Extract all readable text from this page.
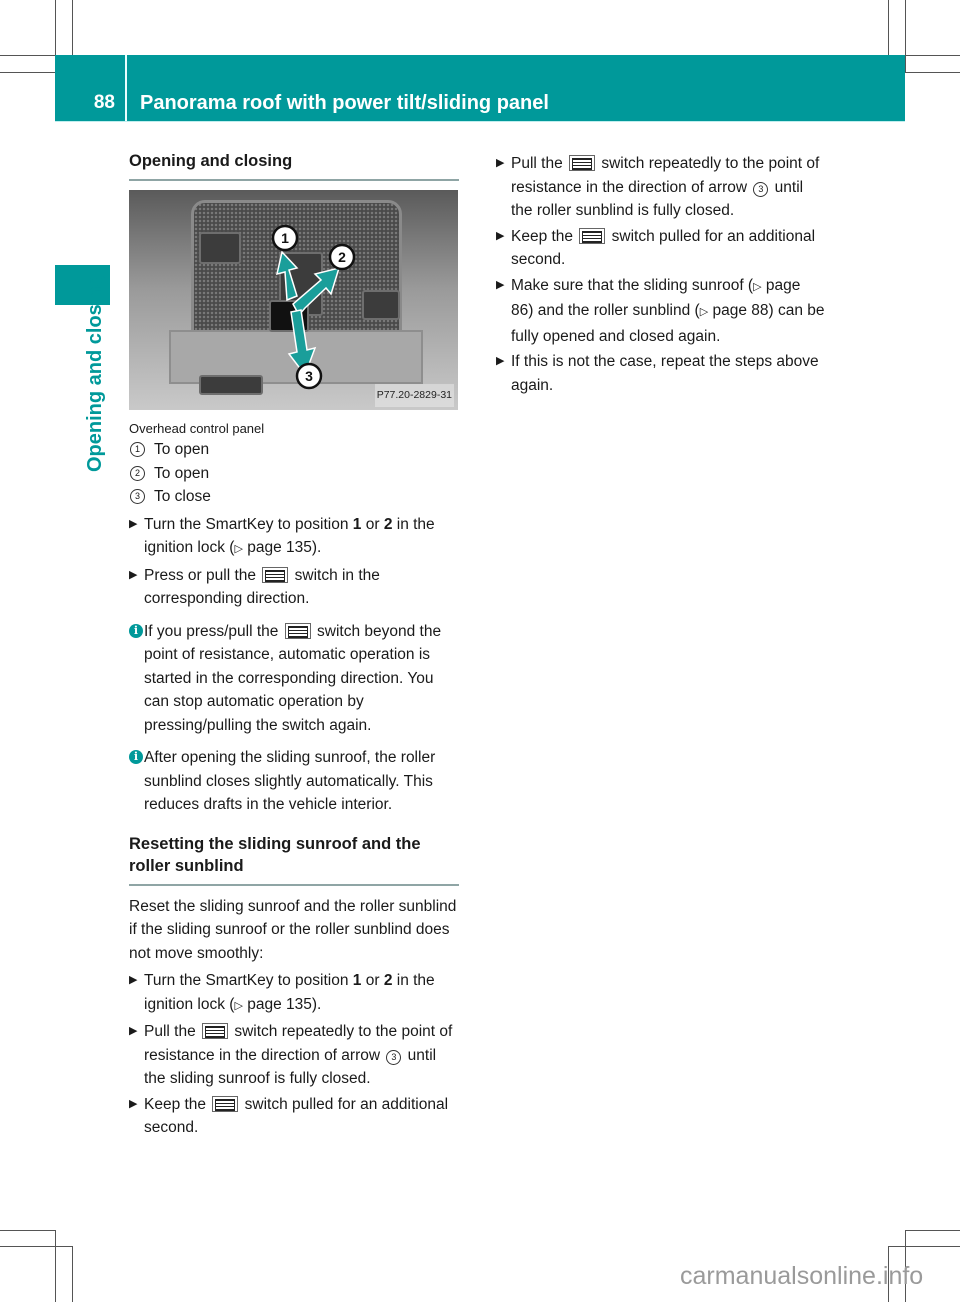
88	Panorama roof with power tilt/sliding panel
Opening and closing
Opening and closing
1
2
3
P77.20-2829-31
Overhead control panel
1 To open
2 To open
3 To close
▶ Turn the SmartKey to position 1 or 2 in the ignition lock (▷ page 135).
▶ Press or pull the
switch in the corresponding direction.
i If you press/pull the
switch beyond the point of resistance, automatic operation is started in the corresponding direction. You can stop automatic operation by pressing/pulling the switch again.
i After opening the sliding sunroof, the roller sunblind closes slightly automatically. This reduces drafts in the vehicle interior.
Resetting the sliding sunroof and the roller sunblind

Reset the sliding sunroof and the roller sunblind if the sliding sunroof or the roller sunblind does not move smoothly:

▶ Turn the SmartKey to position 1 or 2 in the ignition lock (▷ page 135).
▶ Pull the
switch repeatedly to the point of resistance in the direction of arrow 3 until the sliding sunroof is fully closed.
▶ Keep the
switch pulled for an additional second.
▶ Pull the
switch repeatedly to the point of resistance in the direction of arrow 3 until the roller sunblind is fully closed.
▶ Keep the
switch pulled for an additional second.
▶ Make sure that the sliding sunroof (▷ page 86) and the roller sunblind (▷ page 88) can be fully opened and closed again.
▶ If this is not the case, repeat the steps above again.
carmanualsonline.info
